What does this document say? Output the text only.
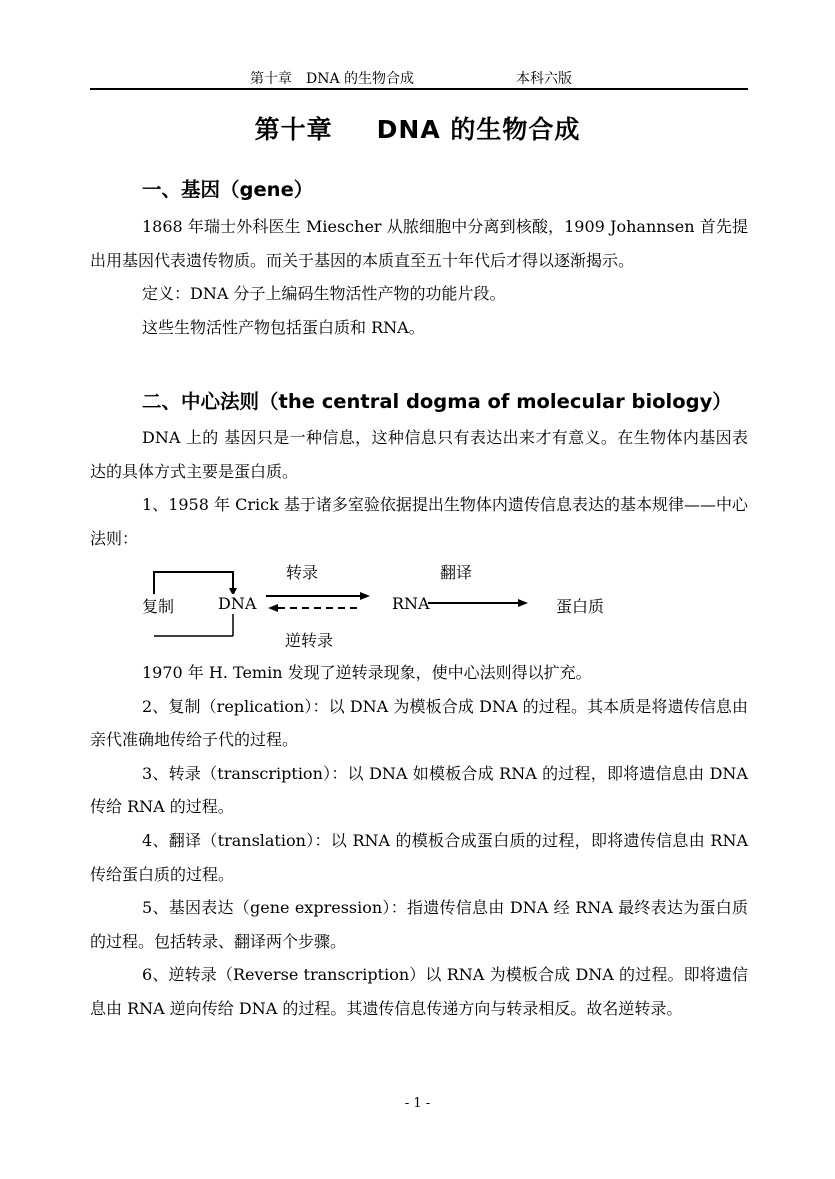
第十章　DNA 的生物合成	本科六版
第十章 DNA 的生物合成
一、基因（gene）

1868 年瑞士外科医生 Miescher 从脓细胞中分离到核酸，1909 Johannsen 首先提出用基因代表遗传物质。而关于基因的本质直至五十年代后才得以逐渐揭示。

定义：DNA 分子上编码生物活性产物的功能片段。

这些生物活性产物包括蛋白质和 RNA。

二、中心法则（the central dogma of molecular biology）

DNA 上的 基因只是一种信息，这种信息只有表达出来才有意义。在生物体内基因表达的具体方式主要是蛋白质。

1、1958 年 Crick 基于诸多室验依据提出生物体内遗传信息表达的基本规律——中心法则：

转录	翻译
复制	DNA	RNA	蛋白质
逆转录

1970 年 H. Temin 发现了逆转录现象，使中心法则得以扩充。

2、复制（replication）：以 DNA 为模板合成 DNA 的过程。其本质是将遗传信息由亲代准确地传给子代的过程。

3、转录（transcription）：以 DNA 如模板合成 RNA 的过程，即将遗信息由 DNA 传给 RNA 的过程。

4、翻译（translation）：以 RNA 的模板合成蛋白质的过程，即将遗传信息由 RNA 传给蛋白质的过程。

5、基因表达（gene expression）：指遗传信息由 DNA 经 RNA 最终表达为蛋白质的过程。包括转录、翻译两个步骤。

6、逆转录（Reverse transcription）以 RNA 为模板合成 DNA 的过程。即将遗信息由 RNA 逆向传给 DNA 的过程。其遗传信息传递方向与转录相反。故名逆转录。

- 1 -
